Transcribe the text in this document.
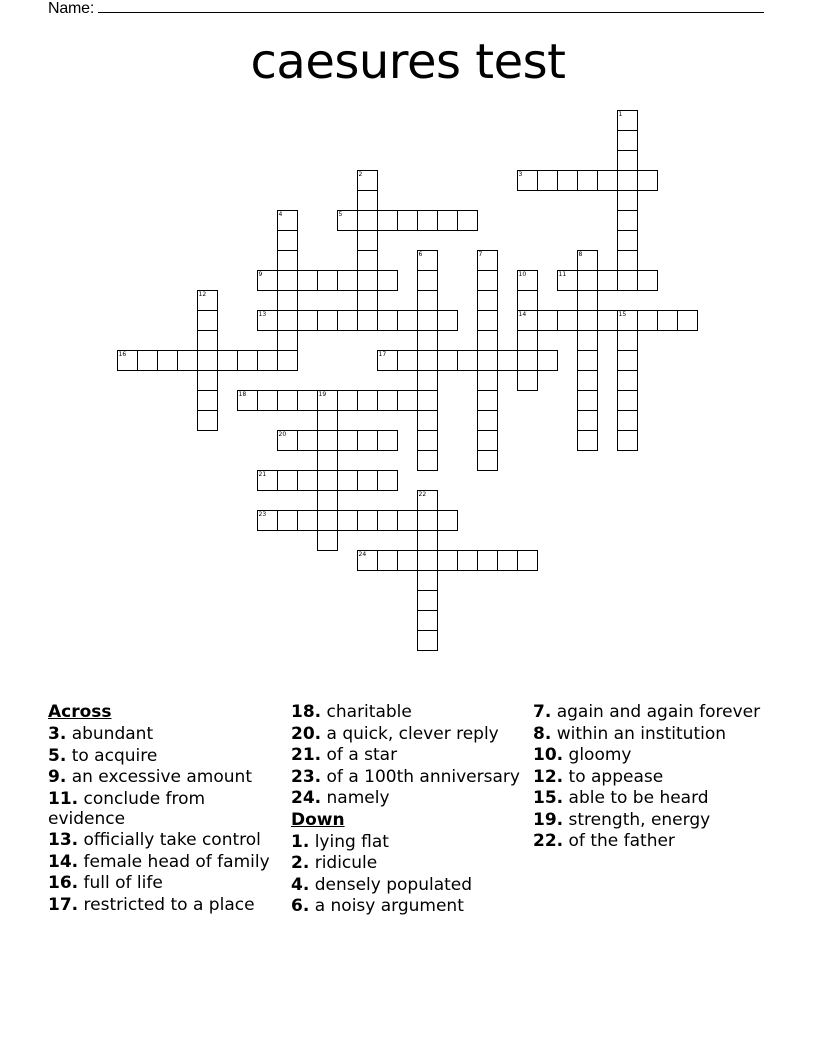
Name:
caesures test
1
2	3
4	5
6	7	8
9	10
14
11
12
13	15
16	17
18	19
20
21
22
23
24
Across
3. abundant
5. to acquire
9. an excessive amount
11. conclude from evidence
13. officially take control
14. female head of family
16. full of life
17. restricted to a place
18. charitable
20. a quick, clever reply
21. of a star
23. of a 100th anniversary
24. namely
Down
1. lying flat
2. ridicule
4. densely populated
6. a noisy argument
7. again and again forever
8. within an institution
10. gloomy
12. to appease
15. able to be heard
19. strength, energy
22. of the father
